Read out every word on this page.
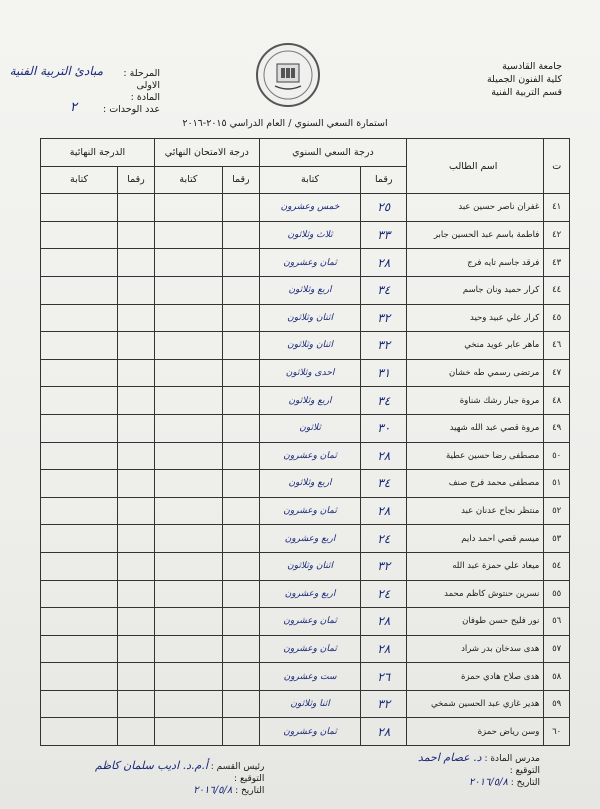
جامعة القادسية
كلية الفنون الجميلة
قسم التربية الفنية
المرحلة : الاولى
المادة :
عدد الوحدات :
مبادئ التربية الفنية
٢
استمارة السعي السنوي / العام الدراسي ٢٠١٥-٢٠١٦
ت	اسم الطالب	درجة السعي السنوي		درجة الامتحان النهائي		الدرجة النهائية	
		رقما	كتابة	رقما	كتابة	رقما	كتابة
٤١	غفران ناصر حسين عبد	٢٥	خمس وعشرون				
٤٢	فاطمة باسم عبد الحسين جابر	٣٣	ثلاث وثلاثون				
٤٣	فرقد جاسم تايه فرج	٢٨	ثمان وعشرون				
٤٤	كرار حميد ونان جاسم	٣٤	اربع وثلاثون				
٤٥	كرار علي عبيد وحيد	٣٢	اثنان وثلاثون				
٤٦	ماهر عابر عويد منخي	٣٢	اثنان وثلاثون				
٤٧	مرتضى رسمي طه خشان	٣١	احدى وثلاثون				
٤٨	مروة جبار رشك شناوة	٣٤	اربع وثلاثون				
٤٩	مروة قصي عبد الله شهيد	٣٠	ثلاثون				
٥٠	مصطفى رضا حسين عطية	٢٨	ثمان وعشرون				
٥١	مصطفى محمد فرج صنف	٣٤	اربع وثلاثون				
٥٢	منتظر نجاح عدنان عبد	٢٨	ثمان وعشرون				
٥٣	ميسم قصي احمد دايم	٢٤	اربع وعشرون				
٥٤	ميعاد علي حمزة عبد الله	٣٢	اثنان وثلاثون				
٥٥	نسرين حنتوش كاظم محمد	٢٤	اربع وعشرون				
٥٦	نور فليح حسن طوفان	٢٨	ثمان وعشرون				
٥٧	هدى سدخان بدر شراد	٢٨	ثمان وعشرون				
٥٨	هدى صلاح هادي حمزة	٢٦	ست وعشرون				
٥٩	هدير غازي عبد الحسين شمخي	٣٢	اثنا وثلاثون				
٦٠	وسن رياض حمزة	٢٨	ثمان وعشرون				
مدرس المادة : د. عصام احمد
التوقيع :
التاريخ : ٢٠١٦/٥/٨
رئيس القسم : أ.م.د. اديب سلمان كاظم
التوقيع :
التاريخ : ٢٠١٦/٥/٨
